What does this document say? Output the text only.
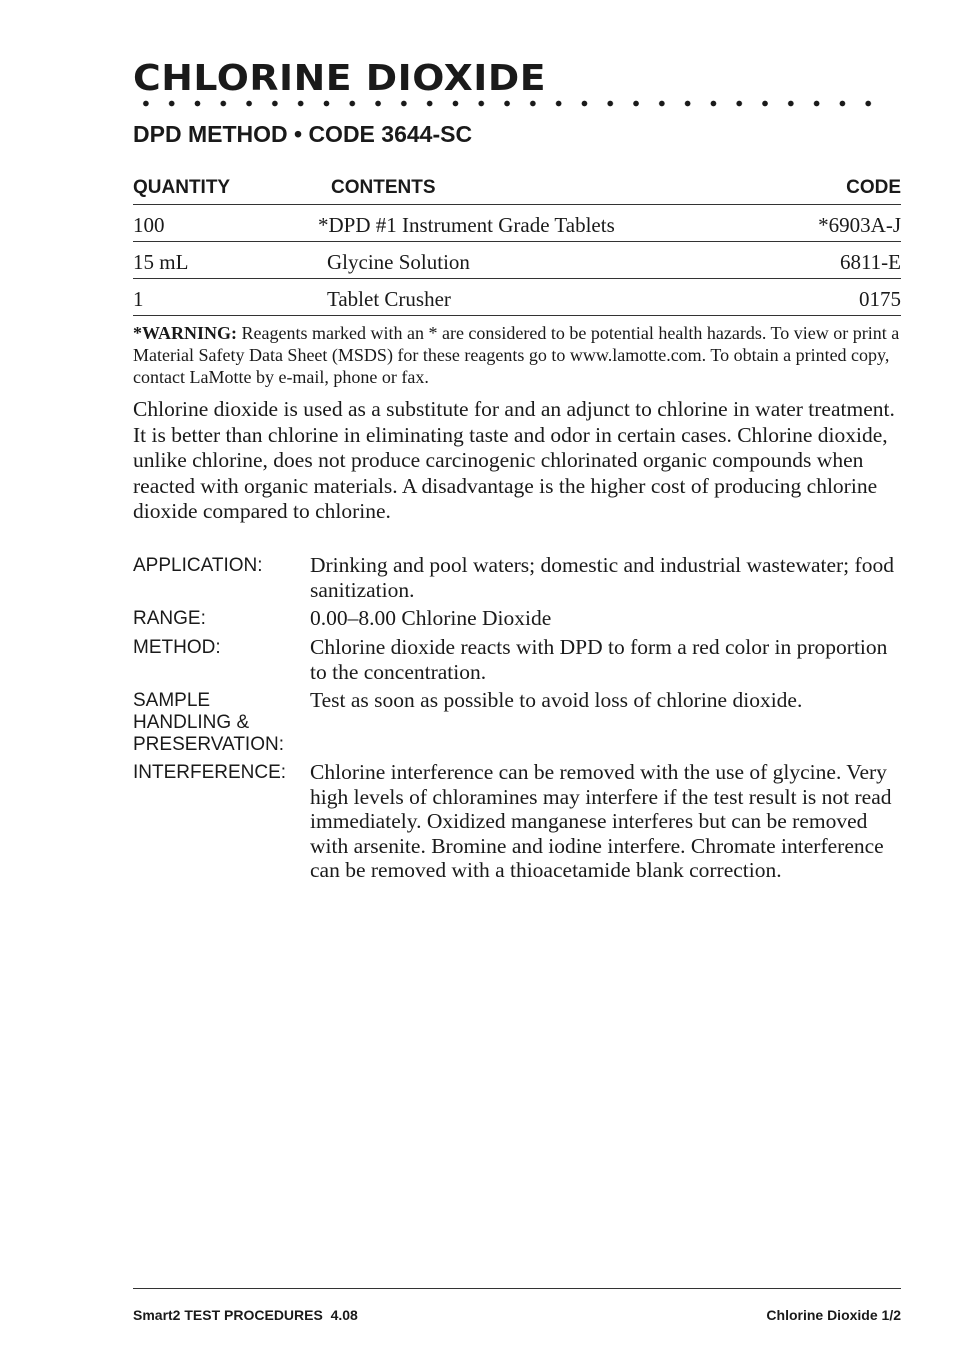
CHLORINE DIOXIDE
DPD METHOD • CODE 3644-SC
QUANTITY	CONTENTS	CODE
100	*DPD #1 Instrument Grade Tablets	*6903A-J
15 mL	Glycine Solution	6811-E
1	Tablet Crusher	0175
*WARNING: Reagents marked with an * are considered to be potential health hazards. To view or print a Material Safety Data Sheet (MSDS) for these reagents go to www.lamotte.com. To obtain a printed copy, contact LaMotte by e-mail, phone or fax.
Chlorine dioxide is used as a substitute for and an adjunct to chlorine in water treatment. It is better than chlorine in eliminating taste and odor in certain cases. Chlorine dioxide, unlike chlorine, does not produce carcinogenic chlorinated organic compounds when reacted with organic materials. A disadvantage is the higher cost of producing chlorine dioxide compared to chlorine.
APPLICATION: Drinking and pool waters; domestic and industrial wastewater; food sanitization.
RANGE:	0.00–8.00 Chlorine Dioxide
METHOD:	Chlorine dioxide reacts with DPD to form a red color in proportion to the concentration.
SAMPLE
HANDLING &
PRESERVATION:
Test as soon as possible to avoid loss of chlorine dioxide.
INTERFERENCE: Chlorine interference can be removed with the use of glycine. Very high levels of chloramines may interfere if the test result is not read immediately. Oxidized manganese interferes but can be removed with arsenite. Bromine and iodine interfere. Chromate interference can be removed with a thioacetamide blank correction.
Smart2 TEST PROCEDURES  4.08	Chlorine Dioxide 1/2
